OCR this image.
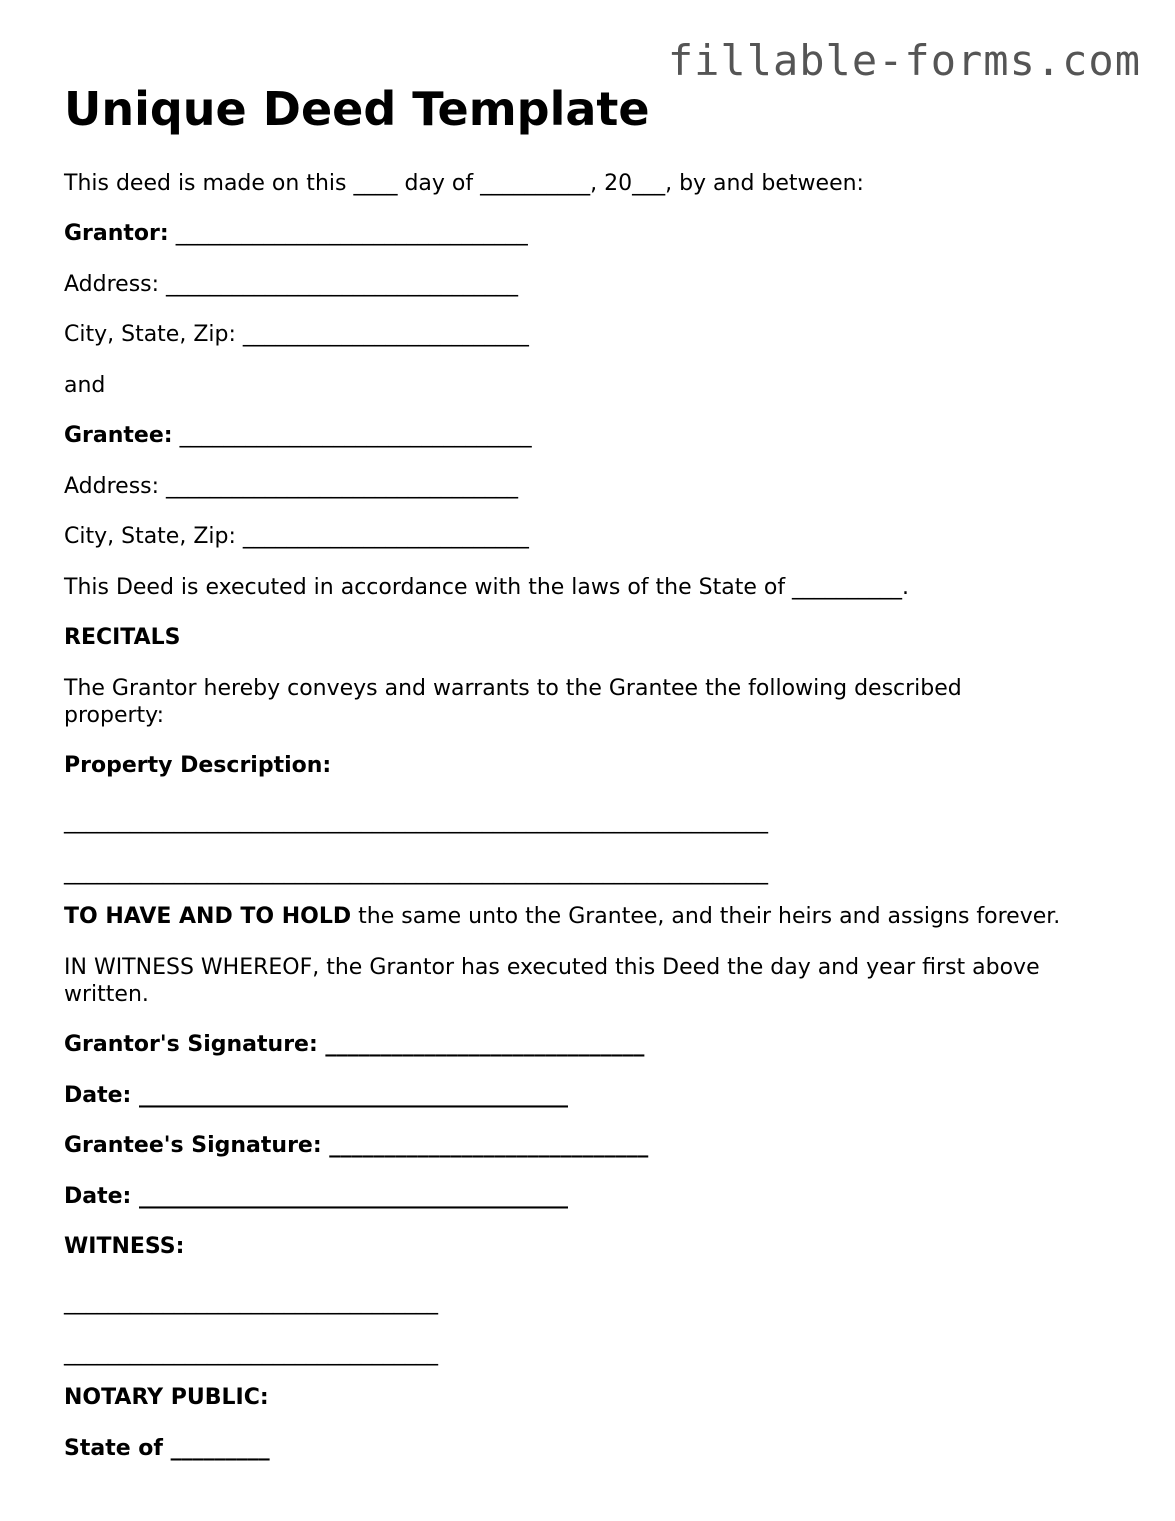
fillable-forms.com
Unique Deed Template
This deed is made on this ____ day of __________, 20___, by and between:
Grantor: ________________________________
Address: ________________________________
City, State, Zip: __________________________
and
Grantee: ________________________________
Address: ________________________________
City, State, Zip: __________________________
This Deed is executed in accordance with the laws of the State of __________.
RECITALS
The Grantor hereby conveys and warrants to the Grantee the following described property:
Property Description:
________________________________________________________________
________________________________________________________________
TO HAVE AND TO HOLD the same unto the Grantee, and their heirs and assigns forever.
IN WITNESS WHEREOF, the Grantor has executed this Deed the day and year first above written.
Grantor's Signature: _____________________________
Date: _______________________________________
Grantee's Signature: _____________________________
Date: _______________________________________
WITNESS:
__________________________________
__________________________________
NOTARY PUBLIC:
State of _________
